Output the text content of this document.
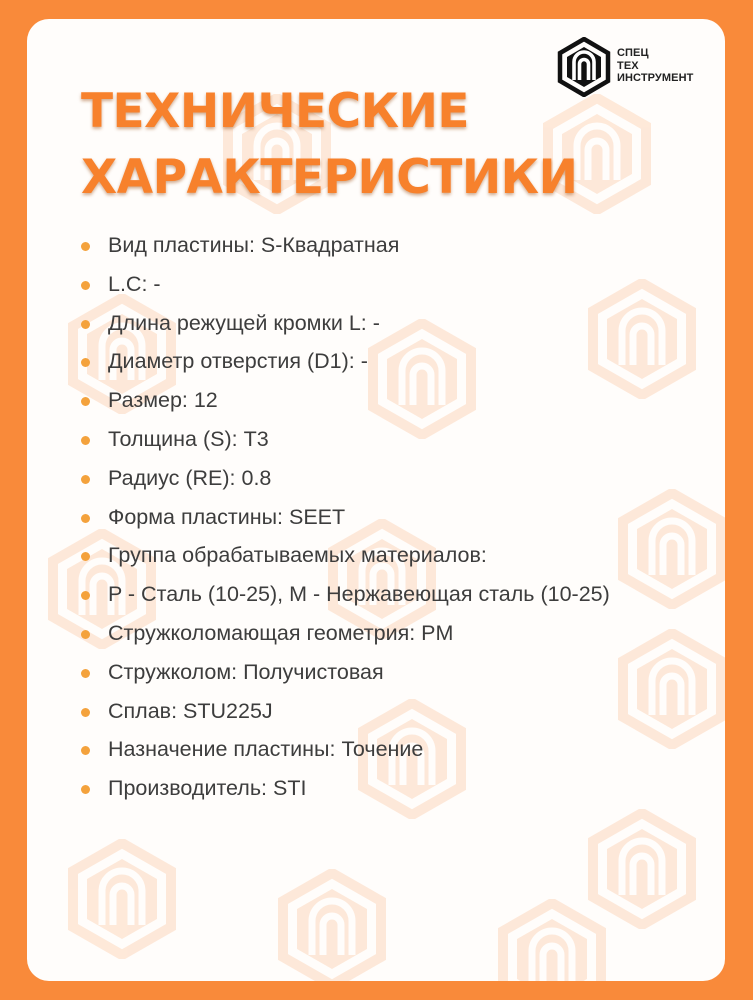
СПЕЦ
ТЕХ
ИНСТРУМЕНТ
ТЕХНИЧЕСКИЕ
ХАРАКТЕРИСТИКИ
Вид пластины: S-Квадратная
L.C: -
Длина режущей кромки L: -
Диаметр отверстия (D1): -
Размер: 12
Толщина (S): T3
Радиус (RE): 0.8
Форма пластины: SEET
Группа обрабатываемых материалов:
P - Сталь (10-25), M - Нержавеющая сталь (10-25)
Стружколомающая геометрия: PM
Стружколом: Получистовая
Сплав: STU225J
Назначение пластины: Точение
Производитель: STI
